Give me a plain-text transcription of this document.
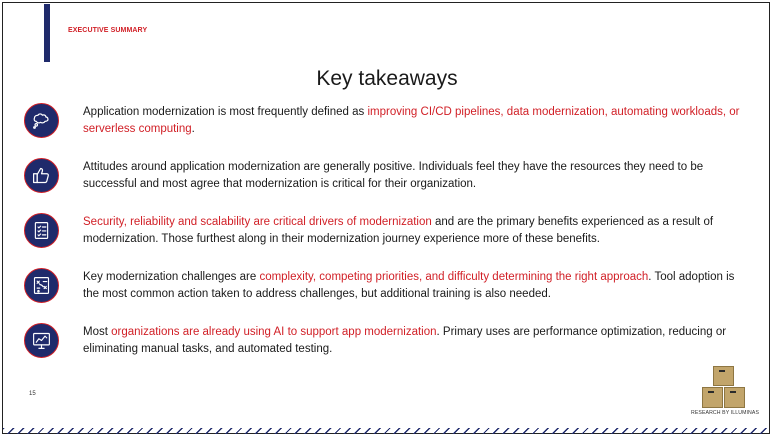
EXECUTIVE SUMMARY
Key takeaways
Application modernization is most frequently defined as improving CI/CD pipelines, data modernization, automating workloads, or serverless computing.
Attitudes around application modernization are generally positive. Individuals feel they have the resources they need to be successful and most agree that modernization is critical for their organization.
Security, reliability and scalability are critical drivers of modernization and are the primary benefits experienced as a result of modernization. Those furthest along in their modernization journey experience more of these benefits.
Key modernization challenges are complexity, competing priorities, and difficulty determining the right approach. Tool adoption is the most common action taken to address challenges, but additional training is also needed.
Most organizations are already using AI to support app modernization. Primary uses are performance optimization, reducing or eliminating manual tasks, and automated testing.
15
RESEARCH BY ILLUMINAS
